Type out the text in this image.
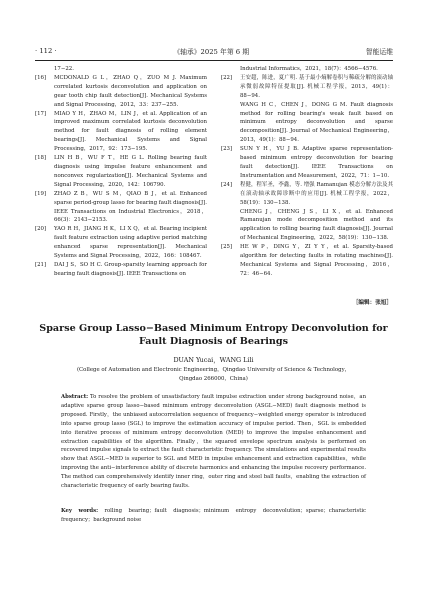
· 112 ·	《轴承》2025 年第 6 期	智能运维
17−22.
[16] MCDONALD G L，ZHAO Q，ZUO M J. Maximum correlated kurtosis deconvolution and application on gear tooth chip fault detection[J]. Mechanical Systems and Signal Processing，2012，33：237−255.
[17] MIAO Y H，ZHAO M，LIN J，et al. Application of an improved maximum correlated kurtosis deconvolution method for fault diagnosis of rolling element bearings[J]. Mechanical Systems and Signal Processing，2017，92：173−195.
[18] LIN H B，WU F T，HE G L. Rolling bearing fault diagnosis using impulse feature enhancement and nonconvex regularization[J]. Mechanical Systems and Signal Processing，2020，142：106790.
[19] ZHAO Z B，WU S M，QIAO B J，et al. Enhanced sparse period-group lasso for bearing fault diagnosis[J]. IEEE Transactions on Industrial Electronics，2018，66(3)：2143−2153.
[20] YAO R H，JIANG H K，LI X Q，et al. Bearing incipient fault feature extraction using adaptive period matching enhanced sparse representation[J]. Mechanical Systems and Signal Processing，2022，166：108467.
[21] DAI J S，SO H C. Group-sparsity learning approach for bearing fault diagnosis[J]. IEEE Transactions on
Industrial Informatics，2021，18(7)：4566−4576.
[22] 王安超，陈进，夏广明. 基于最小熵解卷积与稀疏分解的滚动轴承微弱故障特征提取[J]. 机械工程学报，2013，49(1)：88−94.
WANG H C，CHEN J，DONG G M. Fault diagnosis method for rolling bearing's weak fault based on minimum entropy deconvolution and sparse decomposition[J]. Journal of Mechanical Engineering，2013，49(1)：88−94.
[23] SUN Y H，YU J B. Adaptive sparse representation-based minimum entropy deconvolution for bearing fault detection[J]. IEEE Transactions on Instrumentation and Measurement，2022，71：1−10.
[24] 程健，程军圣，李鑫，等. 增强 Ramanujan 模态分解方法及其在滚动轴承故障诊断中的应用[J]. 机械工程学报，2022，58(19)：130−138.
CHENG J，CHENG J S，LI X，et al. Enhanced Ramanujan mode decomposition method and its application to rolling bearing fault diagnosis[J]. Journal of Mechanical Engineering，2022，58(19)：130−138.
[25] HE W P，DING Y，ZI Y Y，et al. Sparsity-based algorithm for detecting faults in rotating machines[J]. Mechanical Systems and Signal Processing，2016，72：46−64.
［编辑：张旭］
Sparse Group Lasso−Based Minimum Entropy Deconvolution for
Fault Diagnosis of Bearings
DUAN Yucai，WANG Lili
(College of Automation and Electronic Engineering，Qingdao University of Science & Technology，
Qingdao 266000，China)

Abstract: To resolve the problem of unsatisfactory fault impulse extraction under strong background noise，an adaptive sparse group lasso−based minimum entropy deconvolution (ASGL−MED) fault diagnosis method is proposed. Firstly，the unbiased autocorrelation sequence of frequency−weighted energy operator is introduced into sparse group lasso (SGL) to improve the estimation accuracy of impulse period. Then，SGL is embedded into iterative process of minimum entropy deconvolution (MED) to improve the impulse enhancement and extraction capabilities of the algorithm. Finally，the squared envelope spectrum analysis is performed on recovered impulse signals to extract the fault characteristic frequency. The simulations and experimental results show that ASGL−MED is superior to SGL and MED in impulse enhancement and extraction capabilities，while improving the anti−interference ability of discrete harmonics and enhancing the impulse recovery performance. The method can comprehensively identify inner ring，outer ring and steel ball faults，enabling the extraction of characteristic frequency of early bearing faults.

Key words: rolling bearing；fault diagnosis；minimum entropy deconvolution；sparse；characteristic frequency；background noise
